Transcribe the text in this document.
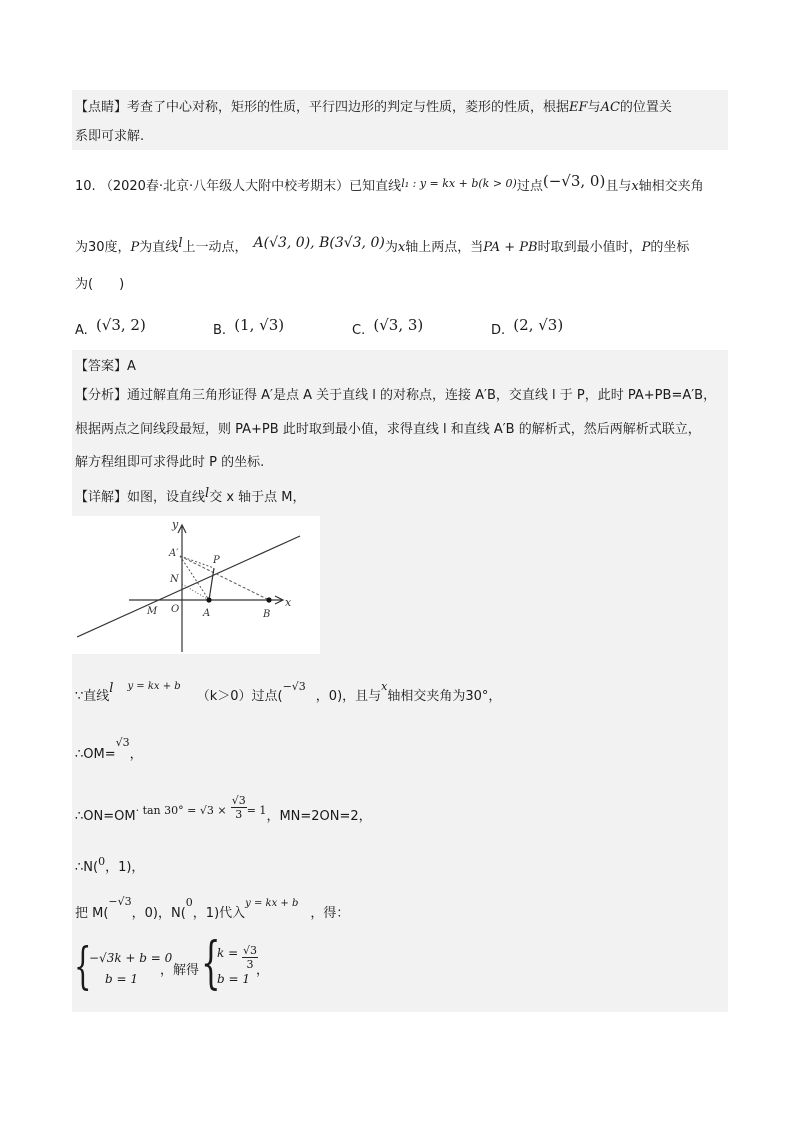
【点睛】考查了中心对称，矩形的性质，平行四边形的判定与性质，菱形的性质，根据EF与AC的位置关
系即可求解.
10. （2020春·北京·八年级人大附中校考期末）已知直线$^{l_1 : y = kx + b(k > 0)}$过点(−√3, 0)且与x轴相交夹角
为30度，P为直线l上一动点， A(√3, 0), B(3√3, 0)为x轴上两点，当PA + PB时取到最小值时，P的坐标
为(　　)
A. (√3, 2)	B. (1, √3)	C. (√3, 3)	D. (2, √3)
【答案】A
【分析】通过解直角三角形证得 A′是点 A 关于直线 l 的对称点，连接 A′B，交直线 l 于 P，此时 PA+PB=A′B，
根据两点之间线段最短，则 PA+PB 此时取到最小值，求得直线 l 和直线 A′B 的解析式，然后两解析式联立，
解方程组即可求得此时 P 的坐标.
【详解】如图，设直线l交 x 轴于点 M，
y
x
A′
P
N
M O A	B
∵直线l $^{y = kx + b}$（k＞0）过点($^{-√3}$，0)，且与$^x$轴相交夹角为30°，
∴OM=$^{√3}$，
$\therefore ON=OM^{\cdot tan 30^\circ = √3 \times} \frac{√3}{3} ^{= 1}$，MN=2ON=2，
∴N($^0$，1)，
把 M($^{-√3}$，0)，N($^0$，1)代入$^{y = kx + b}$，得：
{
−√3k + b = 0
b = 1
，解得 {
$k = \frac{√3}{3}$
b = 1
，
